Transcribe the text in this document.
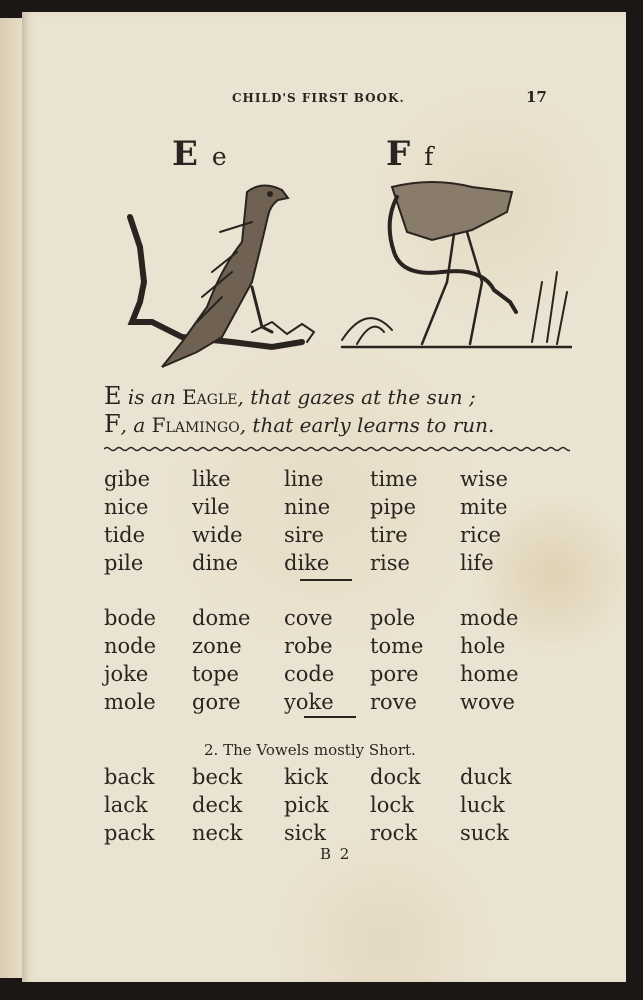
CHILD'S FIRST BOOK.	17
E e	F f
E is an Eagle, that gazes at the sun ;
F, a Flamingo, that early learns to run.
gibe like	line time wise
nice vile	nine pipe mite
tide wide sire tire rice
pile dine dike rise life
bode dome cove pole mode
node zone robe tome hole
joke tope code pore home
mole gore yoke rove wove
2. The Vowels mostly Short.
back beck kick dock duck
lack deck pick lock luck
pack neck sick rock suck
B 2
